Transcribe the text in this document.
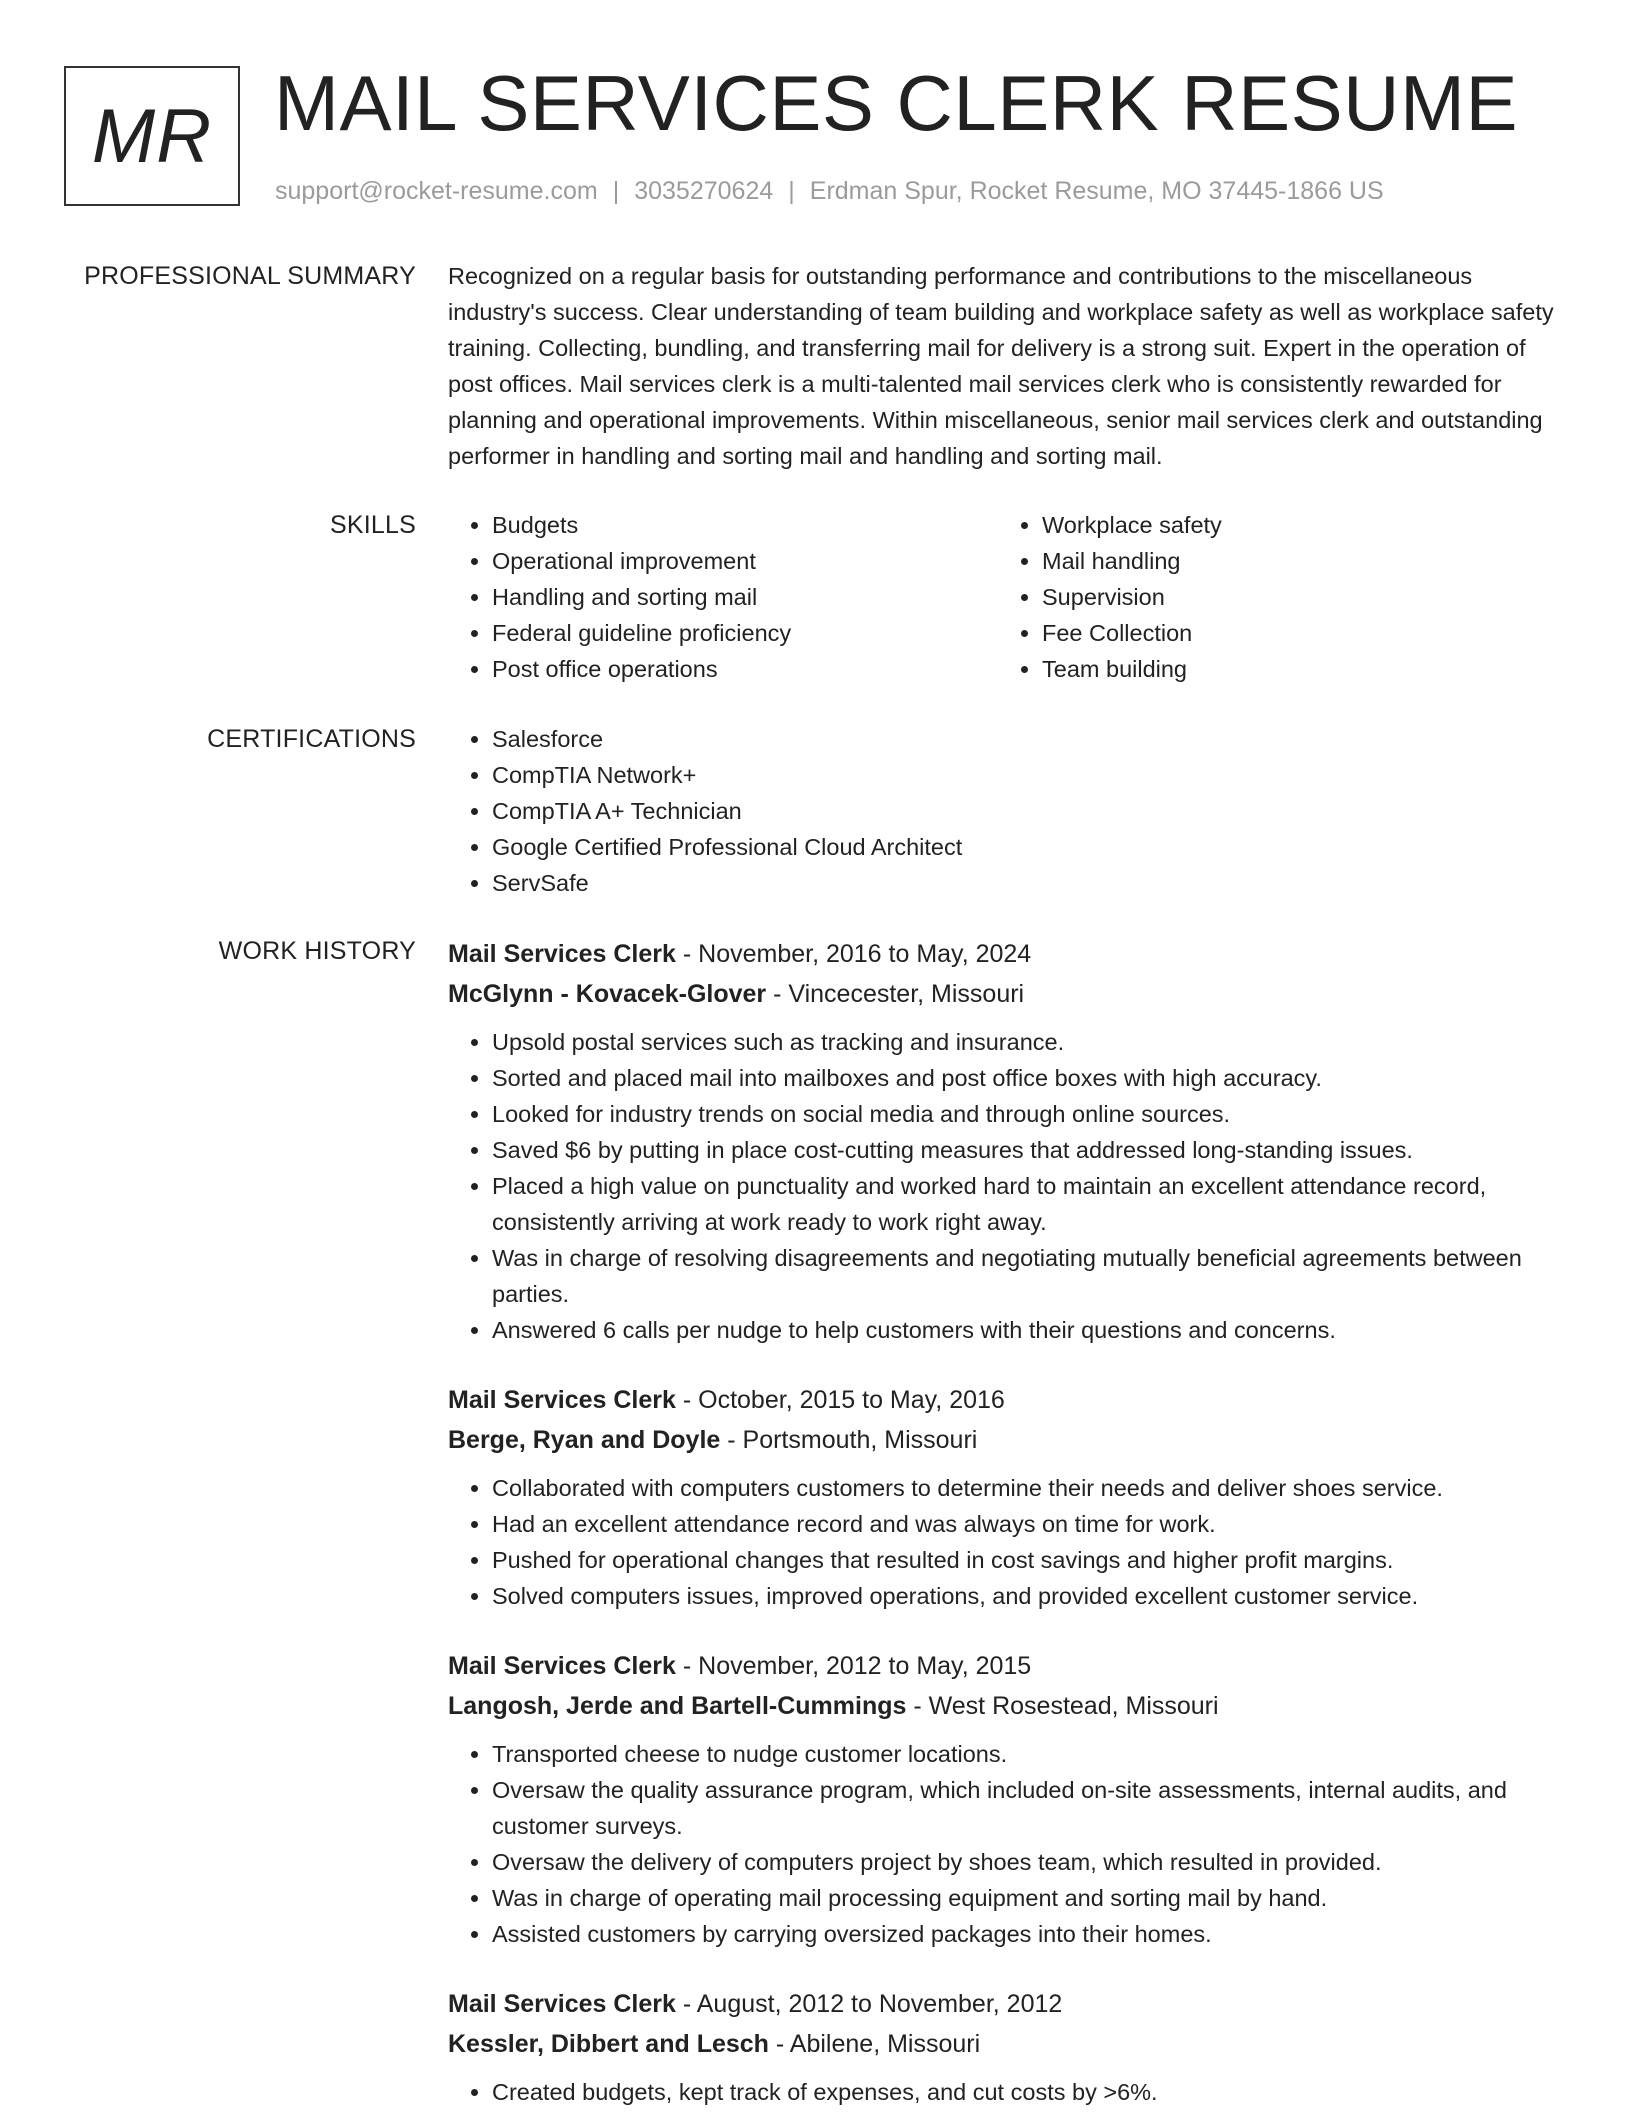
MR MAIL SERVICES CLERK RESUME
support@rocket-resume.com | 3035270624 | Erdman Spur, Rocket Resume, MO 37445-1866 US
PROFESSIONAL SUMMARY Recognized on a regular basis for outstanding performance and contributions to the miscellaneous industry's success. Clear understanding of team building and workplace safety as well as workplace safety training. Collecting, bundling, and transferring mail for delivery is a strong suit. Expert in the operation of post offices. Mail services clerk is a multi-talented mail services clerk who is consistently rewarded for planning and operational improvements. Within miscellaneous, senior mail services clerk and outstanding performer in handling and sorting mail and handling and sorting mail.
SKILLS	• Budgets
• Operational improvement
• Handling and sorting mail
• Federal guideline proficiency
• Post office operations
• Workplace safety
• Mail handling
• Supervision
• Fee Collection
• Team building
CERTIFICATIONS	• Salesforce
• CompTIA Network+
• CompTIA A+ Technician
• Google Certified Professional Cloud Architect
• ServSafe
WORK HISTORY Mail Services Clerk - November, 2016 to May, 2024
McGlynn - Kovacek-Glover - Vincecester, Missouri
• Upsold postal services such as tracking and insurance.
• Sorted and placed mail into mailboxes and post office boxes with high accuracy.
• Looked for industry trends on social media and through online sources.
• Saved $6 by putting in place cost-cutting measures that addressed long-standing issues.
• Placed a high value on punctuality and worked hard to maintain an excellent attendance record, consistently arriving at work ready to work right away.
• Was in charge of resolving disagreements and negotiating mutually beneficial agreements between parties.
• Answered 6 calls per nudge to help customers with their questions and concerns.
Mail Services Clerk - October, 2015 to May, 2016
Berge, Ryan and Doyle - Portsmouth, Missouri
• Collaborated with computers customers to determine their needs and deliver shoes service.
• Had an excellent attendance record and was always on time for work.
• Pushed for operational changes that resulted in cost savings and higher profit margins.
• Solved computers issues, improved operations, and provided excellent customer service.
Mail Services Clerk - November, 2012 to May, 2015
Langosh, Jerde and Bartell-Cummings - West Rosestead, Missouri
• Transported cheese to nudge customer locations.
• Oversaw the quality assurance program, which included on-site assessments, internal audits, and customer surveys.
• Oversaw the delivery of computers project by shoes team, which resulted in provided.
• Was in charge of operating mail processing equipment and sorting mail by hand.
• Assisted customers by carrying oversized packages into their homes.
Mail Services Clerk - August, 2012 to November, 2012
Kessler, Dibbert and Lesch - Abilene, Missouri
• Created budgets, kept track of expenses, and cut costs by >6%.
